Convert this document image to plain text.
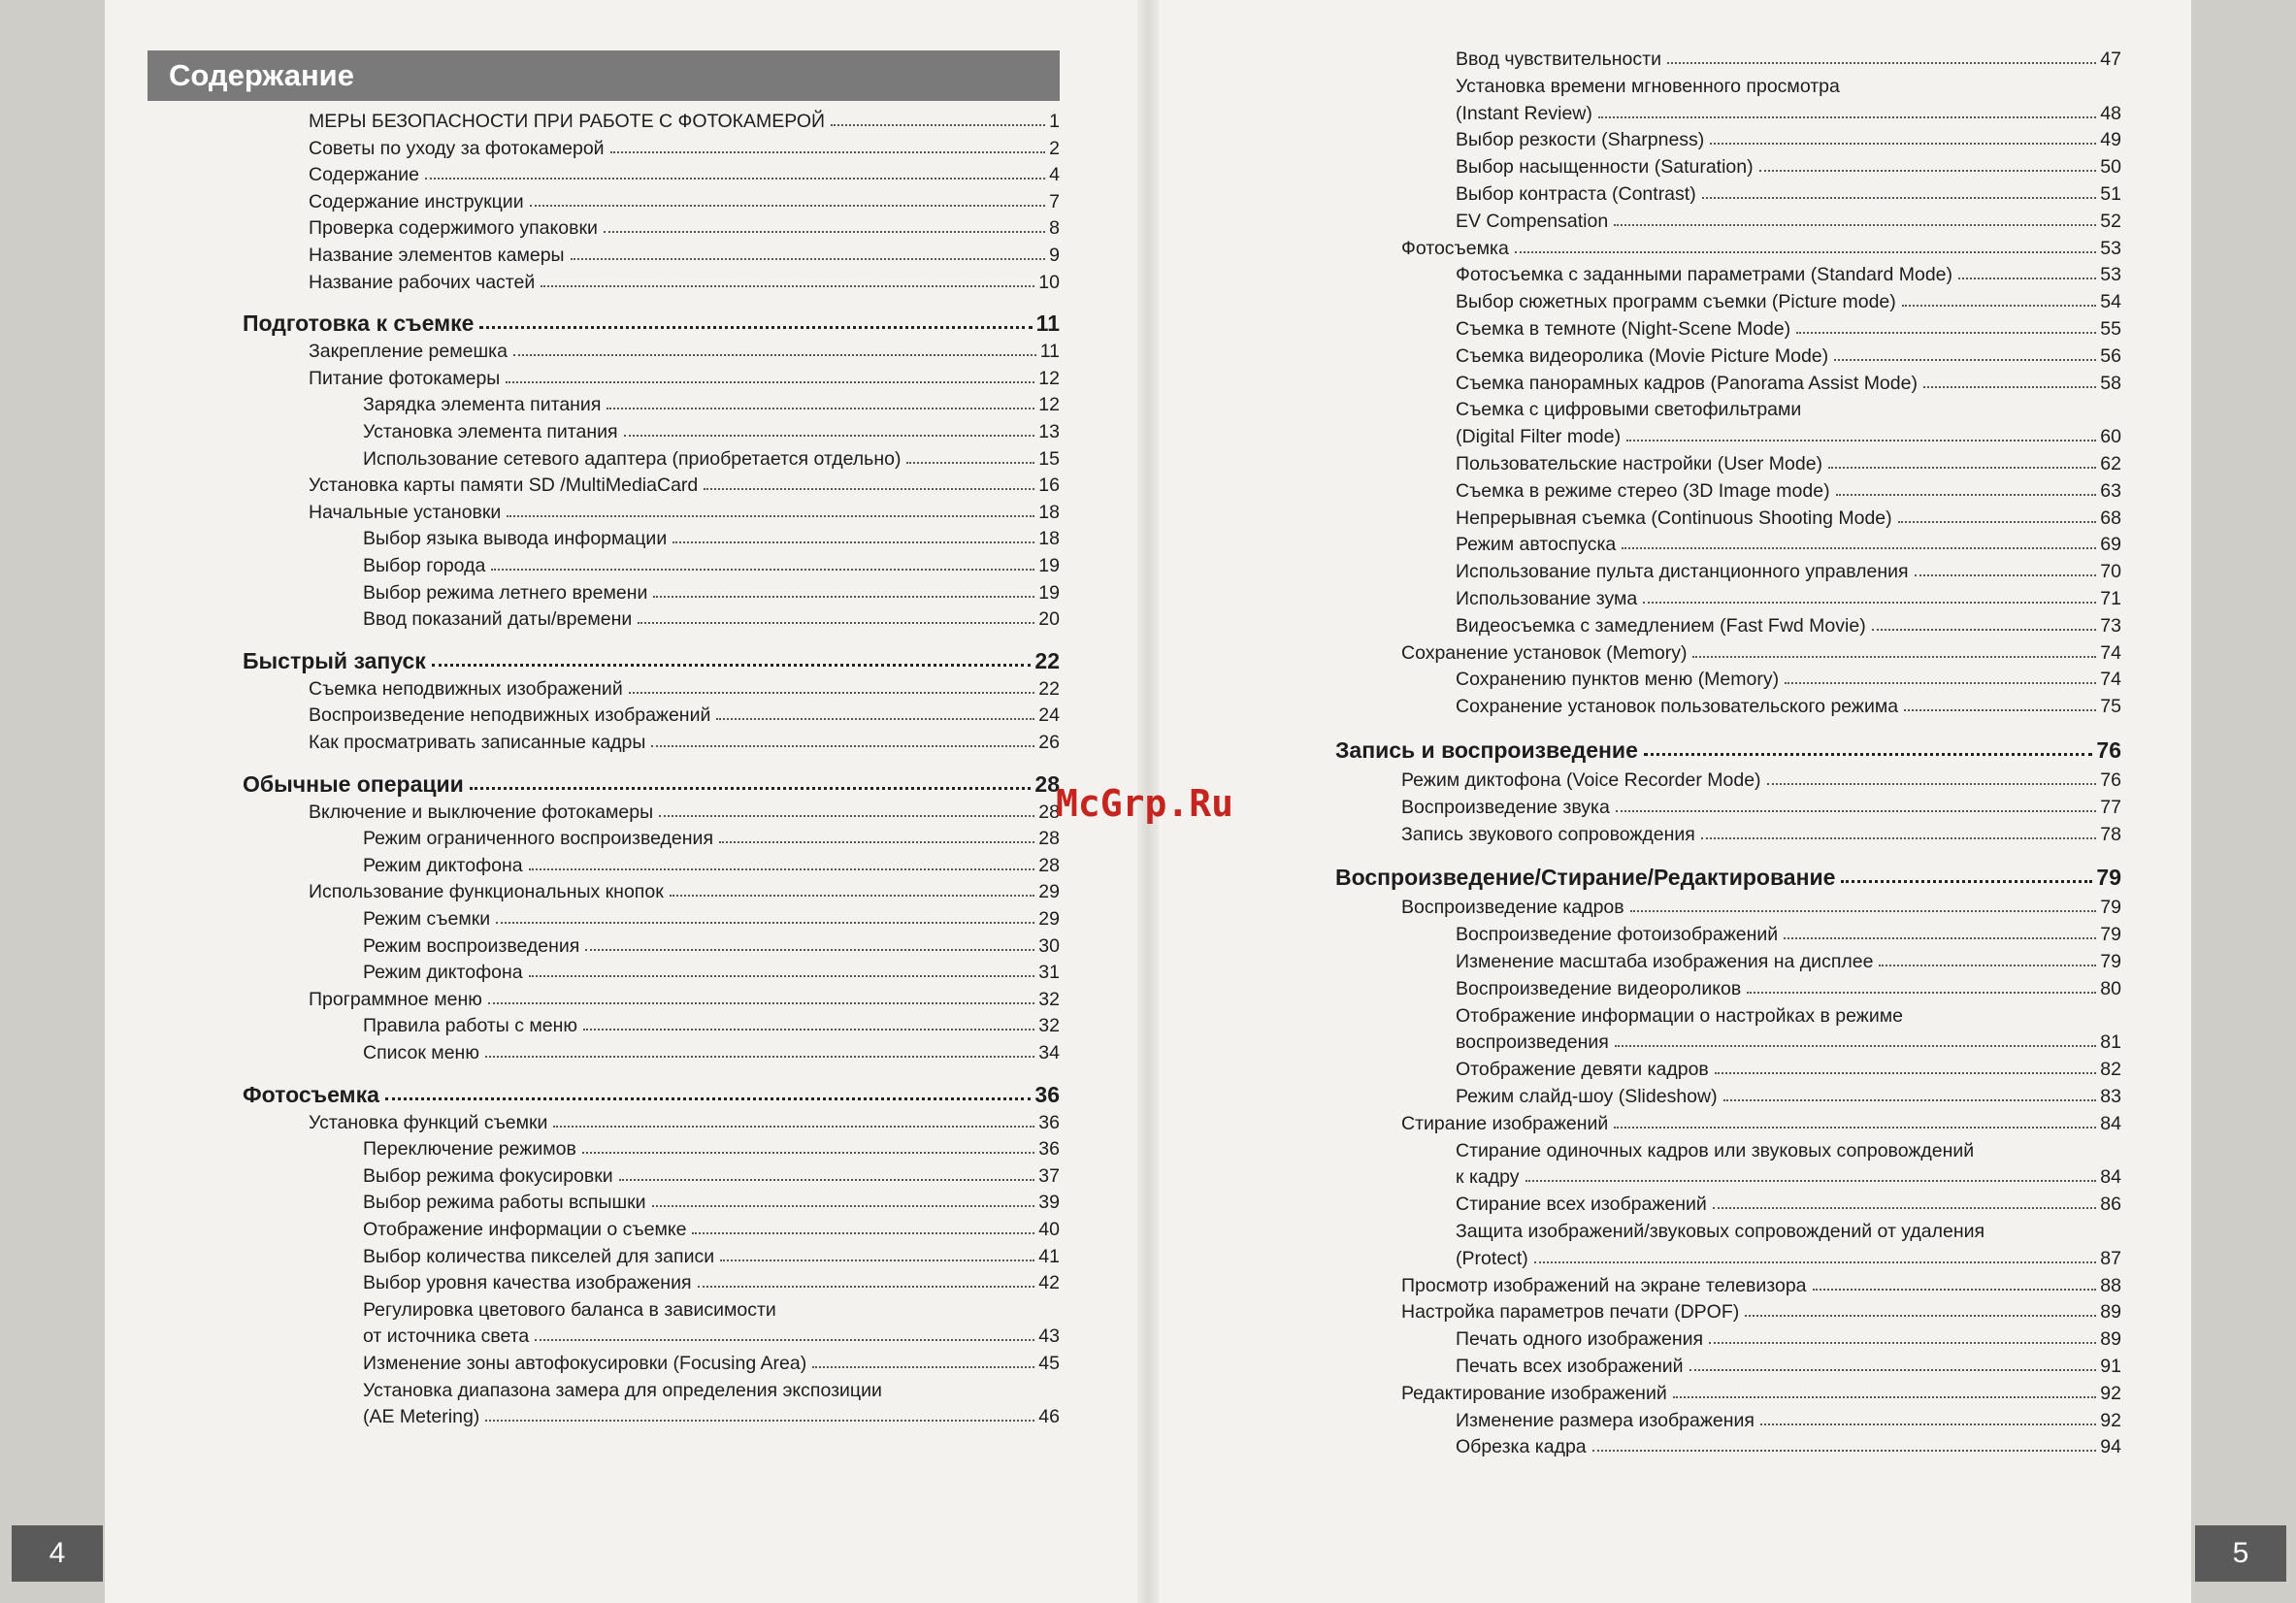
Содержание
МЕРЫ БЕЗОПАСНОСТИ ПРИ РАБОТЕ С ФОТОКАМЕРОЙ	1
Советы по уходу за фотокамерой	2
Содержание	4
Содержание инструкции	7
Проверка содержимого упаковки	8
Название элементов камеры	9
Название рабочих частей	10
Подготовка к съемке	11
Закрепление ремешка	11
Питание фотокамеры	12
Зарядка элемента питания	12
Установка элемента питания	13
Использование сетевого адаптера (приобретается отдельно)	15
Установка карты памяти SD /MultiMediaCard	16
Начальные установки	18
Выбор языка вывода информации	18
Выбор города	19
Выбор режима летнего времени	19
Ввод показаний даты/времени	20
Быстрый запуск	22
Съемка неподвижных изображений	22
Воспроизведение неподвижных изображений	24
Как просматривать записанные кадры	26
Обычные операции	28
Включение и выключение фотокамеры	28
Режим ограниченного воспроизведения	28
Режим диктофона	28
Использование функциональных кнопок	29
Режим съемки	29
Режим воспроизведения	30
Режим диктофона	31
Программное меню	32
Правила работы с меню	32
Список меню	34
Фотосъемка	36
Установка функций съемки	36
Переключение режимов	36
Выбор режима фокусировки	37
Выбор режима работы вспышки	39
Отображение информации о съемке	40
Выбор количества пикселей для записи	41
Выбор уровня качества изображения	42
Регулировка цветового баланса в зависимости
от источника света	43
Изменение зоны автофокусировки (Focusing Area)	45
Установка диапазона замера для определения экспозиции
(AE Metering)	46
Ввод чувствительности	47
Установка времени мгновенного просмотра
(Instant Review)	48
Выбор резкости (Sharpness)	49
Выбор насыщенности (Saturation)	50
Выбор контраста (Contrast)	51
EV Compensation	52
Фотосъемка	53
Фотосъемка с заданными параметрами (Standard Mode)	53
Выбор сюжетных программ съемки (Picture mode)	54
Съемка в темноте (Night-Scene Mode)	55
Съемка видеоролика (Movie Picture Mode)	56
Съемка панорамных кадров (Panorama Assist Mode)	58
Съемка с цифровыми светофильтрами
(Digital Filter mode)	60
Пользовательские настройки (User Mode)	62
Съемка в режиме стерео (3D Image mode)	63
Непрерывная съемка (Continuous Shooting Mode)	68
Режим автоспуска	69
Использование пульта дистанционного управления	70
Использование зума	71
Видеосъемка с замедлением (Fast Fwd Movie)	73
Сохранение установок (Memory)	74
Сохранению пунктов меню (Memory)	74
Сохранение установок пользовательского режима	75
Запись и воспроизведение	76
Режим диктофона (Voice Recorder Mode)	76
Воспроизведение звука	77
Запись звукового сопровождения	78
Воспроизведение/Стирание/Редактирование	79
Воспроизведение кадров	79
Воспроизведение фотоизображений	79
Изменение масштаба изображения на дисплее	79
Воспроизведение видеороликов	80
Отображение информации о настройках в режиме
воспроизведения	81
Отображение девяти кадров	82
Режим слайд-шоу (Slideshow)	83
Стирание изображений	84
Стирание одиночных кадров или звуковых сопровождений
к кадру	84
Стирание всех изображений	86
Защита изображений/звуковых сопровождений от удаления
(Protect)	87
Просмотр изображений на экране телевизора	88
Настройка параметров печати (DPOF)	89
Печать одного изображения	89
Печать всех изображений	91
Редактирование изображений	92
Изменение размера изображения	92
Обрезка кадра	94
4	5
McGrp.Ru
